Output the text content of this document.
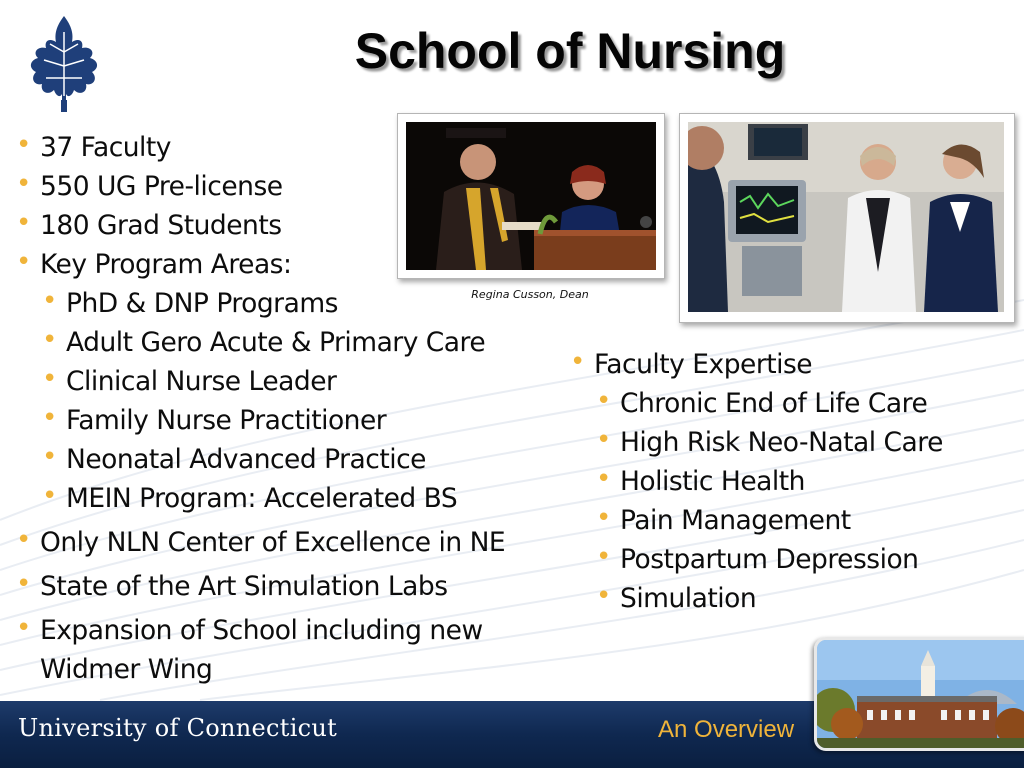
School of Nursing
• 37 Faculty
• 550 UG Pre-license
• 180 Grad Students
• Key Program Areas:
• PhD & DNP Programs
• Adult Gero Acute & Primary Care
• Clinical Nurse Leader
• Family Nurse Practitioner
• Neonatal Advanced Practice
• MEIN Program: Accelerated BS
• Only NLN Center of Excellence in NE
• State of the Art Simulation Labs
• Expansion of School including new
Widmer Wing
Regina Cusson, Dean
• Faculty Expertise
• Chronic End of Life Care
• High Risk Neo-Natal Care
• Holistic Health
• Pain Management
• Postpartum Depression
• Simulation
University of Connecticut	An Overview
